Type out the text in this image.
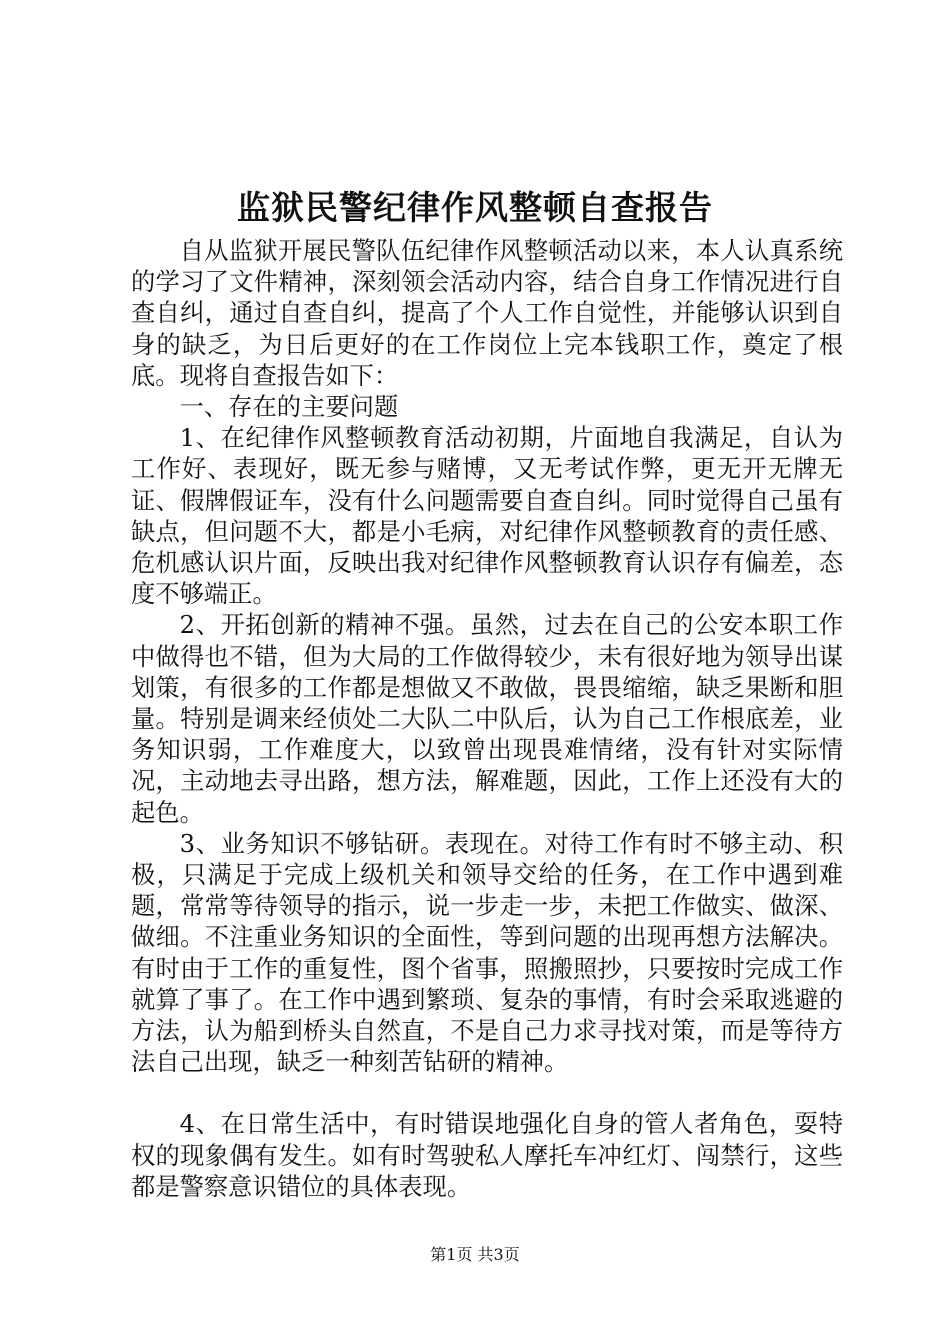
监狱民警纪律作风整顿自查报告

自从监狱开展民警队伍纪律作风整顿活动以来，本人认真系统的学习了文件精神，深刻领会活动内容，结合自身工作情况进行自查自纠，通过自查自纠，提高了个人工作自觉性，并能够认识到自身的缺乏，为日后更好的在工作岗位上完本钱职工作，奠定了根底。现将自查报告如下：

一、存在的主要问题

1、在纪律作风整顿教育活动初期，片面地自我满足，自认为工作好、表现好，既无参与赌博，又无考试作弊，更无开无牌无证、假牌假证车，没有什么问题需要自查自纠。同时觉得自己虽有缺点，但问题不大，都是小毛病，对纪律作风整顿教育的责任感、危机感认识片面，反映出我对纪律作风整顿教育认识存有偏差，态度不够端正。

2、开拓创新的精神不强。虽然，过去在自己的公安本职工作中做得也不错，但为大局的工作做得较少，未有很好地为领导出谋划策，有很多的工作都是想做又不敢做，畏畏缩缩，缺乏果断和胆量。特别是调来经侦处二大队二中队后，认为自己工作根底差，业务知识弱，工作难度大，以致曾出现畏难情绪，没有针对实际情况，主动地去寻出路，想方法，解难题，因此，工作上还没有大的起色。

3、业务知识不够钻研。表现在。对待工作有时不够主动、积极，只满足于完成上级机关和领导交给的任务，在工作中遇到难题，常常等待领导的指示，说一步走一步，未把工作做实、做深、做细。不注重业务知识的全面性，等到问题的出现再想方法解决。有时由于工作的重复性，图个省事，照搬照抄，只要按时完成工作就算了事了。在工作中遇到繁琐、复杂的事情，有时会采取逃避的方法，认为船到桥头自然直，不是自己力求寻找对策，而是等待方法自己出现，缺乏一种刻苦钻研的精神。

4、在日常生活中，有时错误地强化自身的管人者角色，耍特权的现象偶有发生。如有时驾驶私人摩托车冲红灯、闯禁行，这些都是警察意识错位的具体表现。

第1页 共3页
